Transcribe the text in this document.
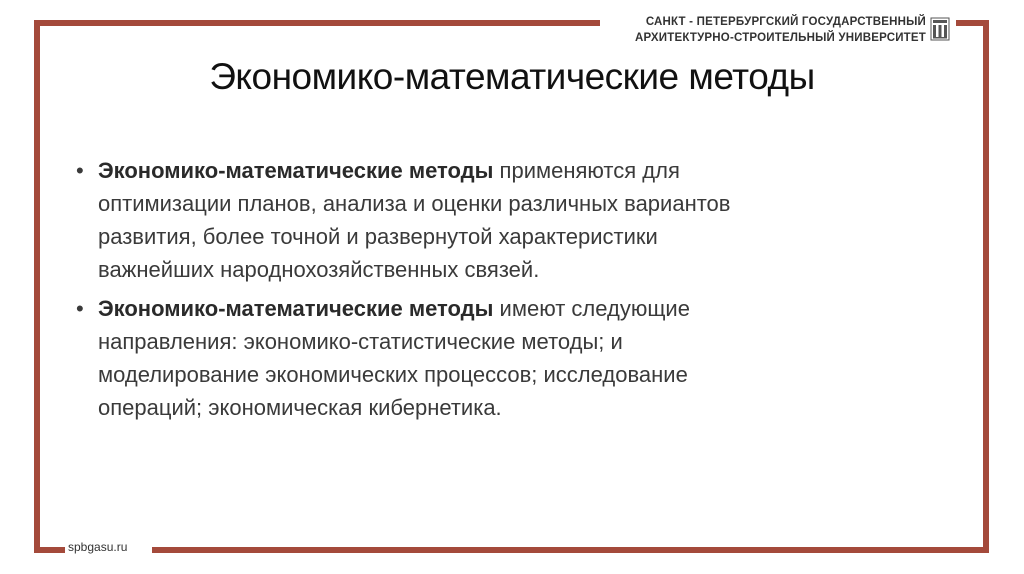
САНКТ - ПЕТЕРБУРГСКИЙ ГОСУДАРСТВЕННЫЙ
АРХИТЕКТУРНО-СТРОИТЕЛЬНЫЙ УНИВЕРСИТЕТ
Экономико-математические методы
• Экономико-математические методы применяются для
оптимизации планов, анализа и оценки различных вариантов
развития, более точной и развернутой характеристики
важнейших народнохозяйственных связей.
• Экономико-математические методы имеют следующие
направления: экономико-статистические методы; и
моделирование экономических процессов; исследование
операций; экономическая кибернетика.
spbgasu.ru
